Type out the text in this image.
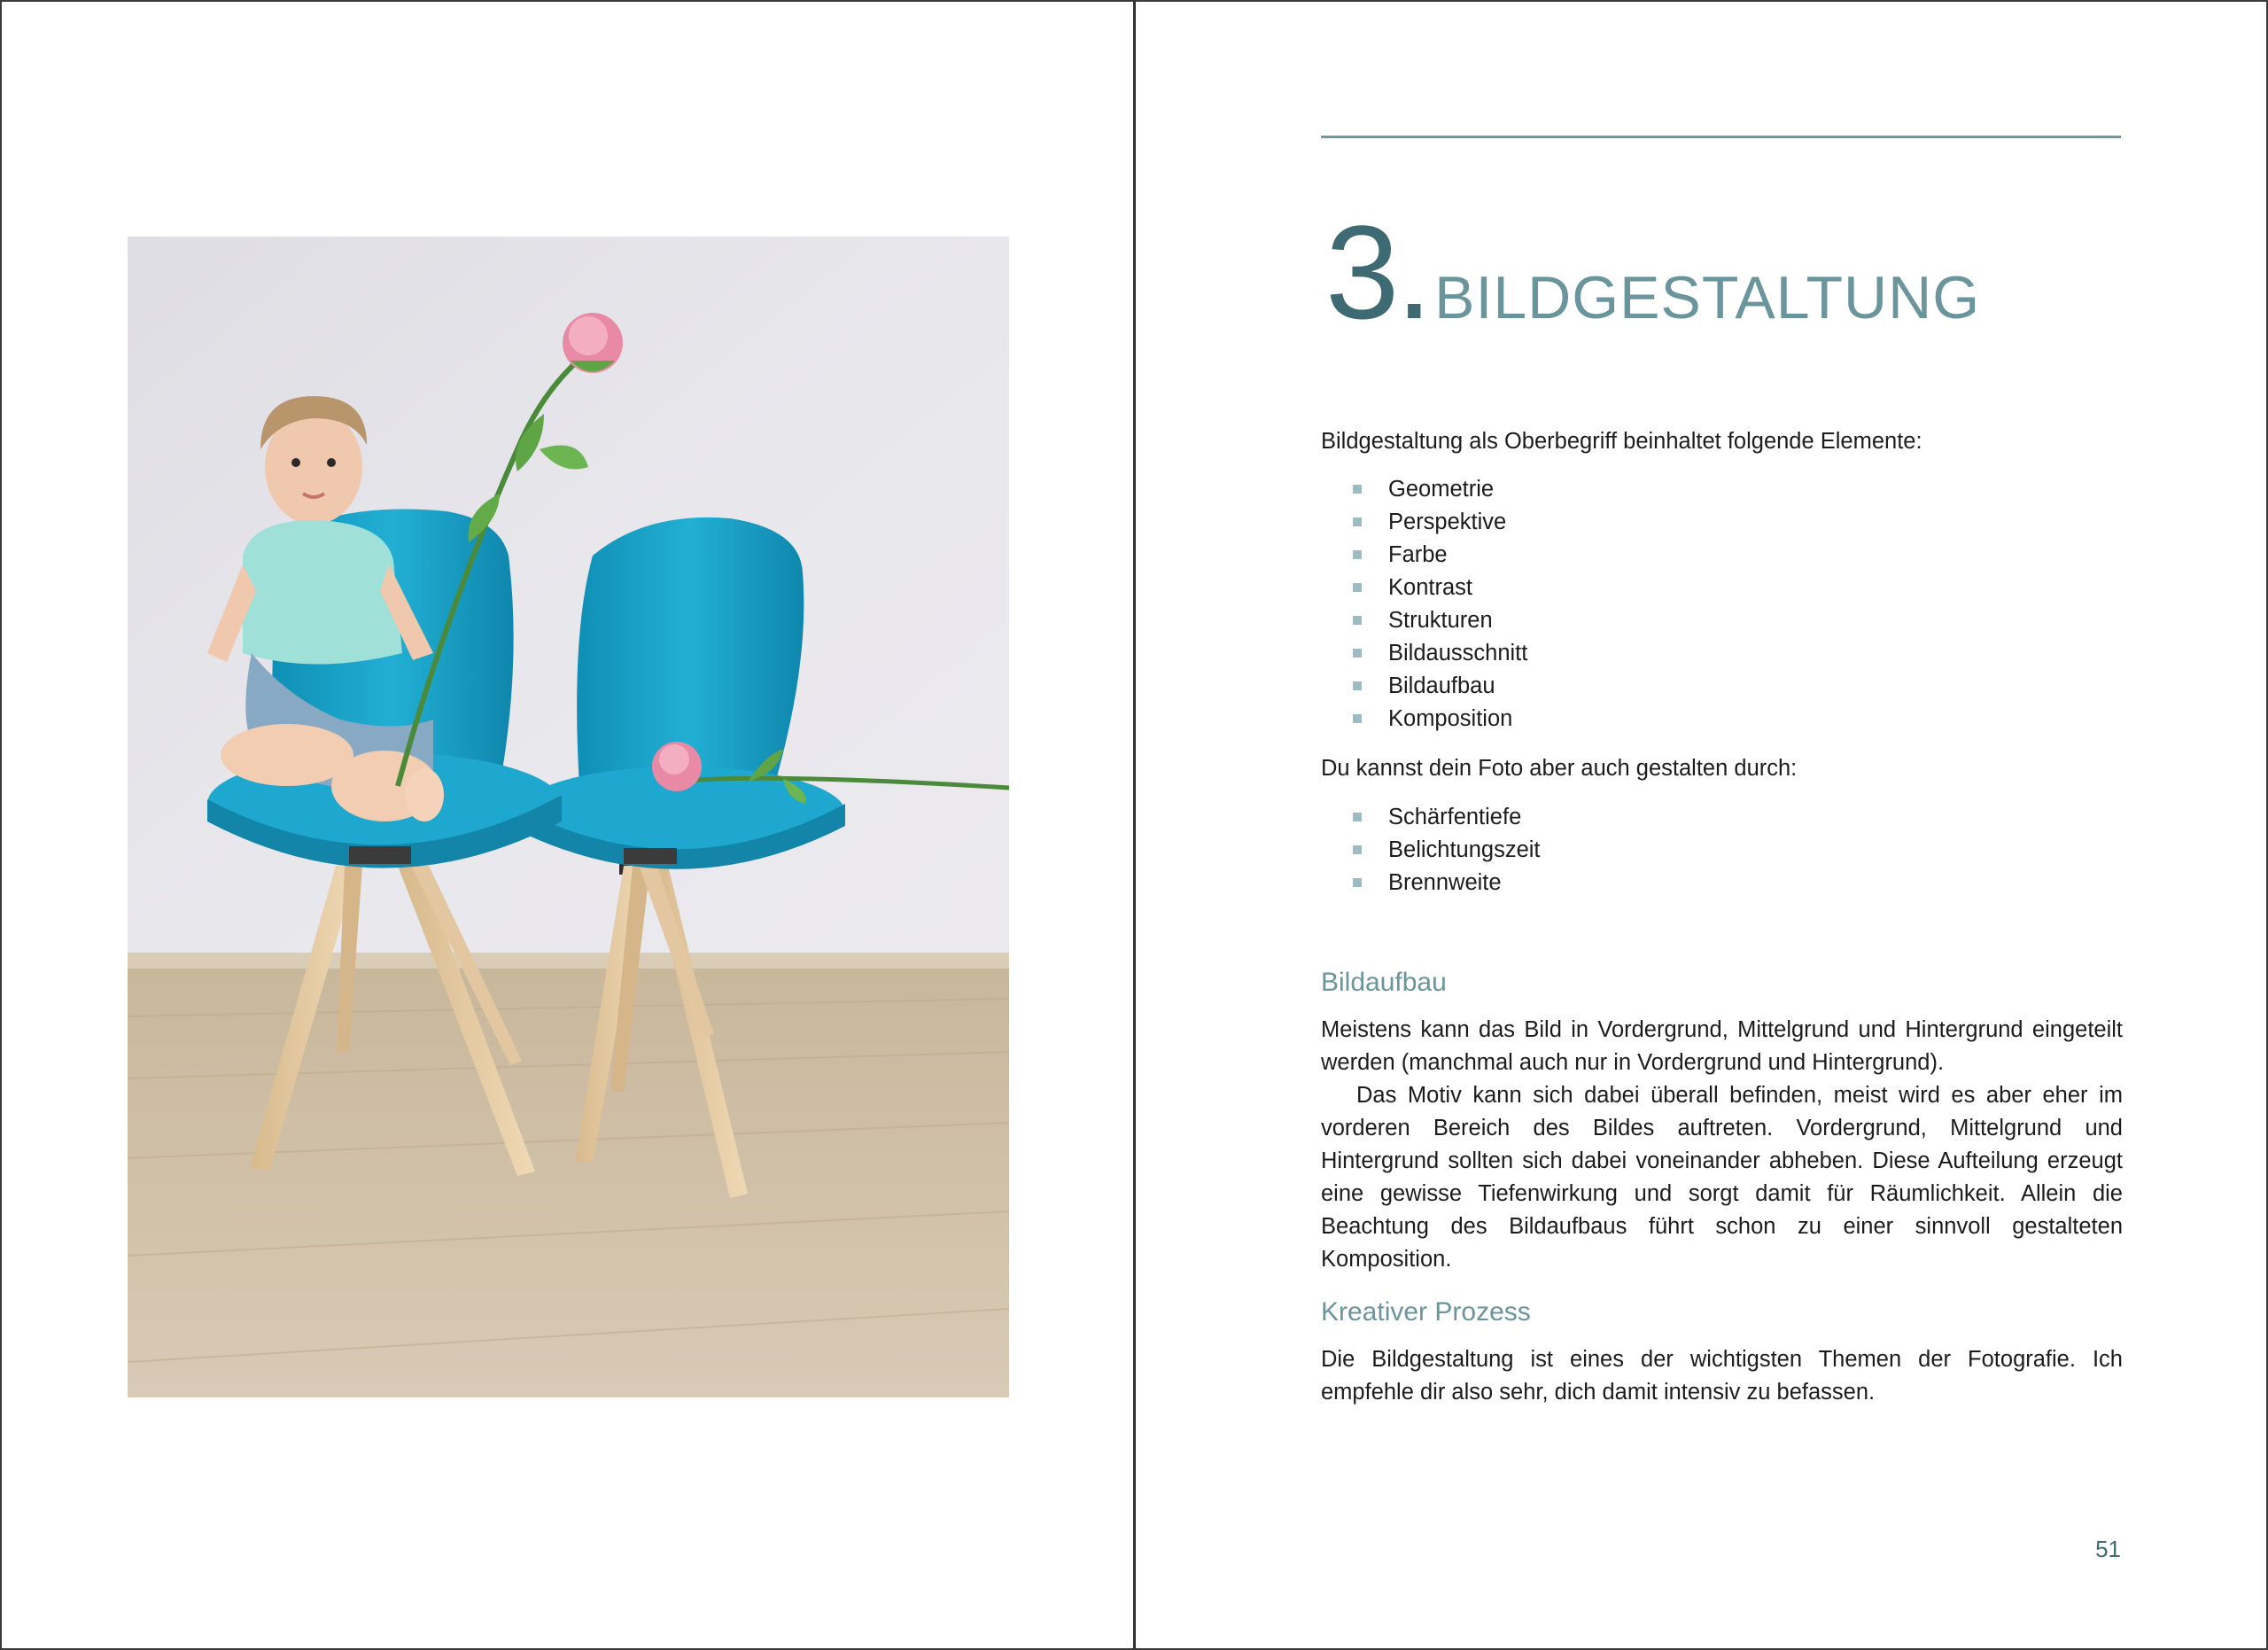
3.BILDGESTALTUNG

Bildgestaltung als Oberbegriff beinhaltet folgende Elemente:

Geometrie
Perspektive
Farbe
Kontrast
Strukturen
Bildausschnitt
Bildaufbau
Komposition

Du kannst dein Foto aber auch gestalten durch:

Schärfentiefe
Belichtungszeit
Brennweite
Bildaufbau

Meistens kann das Bild in Vordergrund, Mittelgrund und Hintergrund eingeteilt werden (manchmal auch nur in Vordergrund und Hintergrund).

Das Motiv kann sich dabei überall befinden, meist wird es aber eher im vorderen Bereich des Bildes auftreten. Vordergrund, Mittelgrund und Hintergrund sollten sich dabei voneinander abheben. Diese Aufteilung erzeugt eine gewisse Tiefenwirkung und sorgt damit für Räumlichkeit. Allein die Beachtung des Bildaufbaus führt schon zu einer sinnvoll gestalteten Komposition.

Kreativer Prozess

Die Bildgestaltung ist eines der wichtigsten Themen der Fotografie. Ich empfehle dir also sehr, dich damit intensiv zu befassen.

51
